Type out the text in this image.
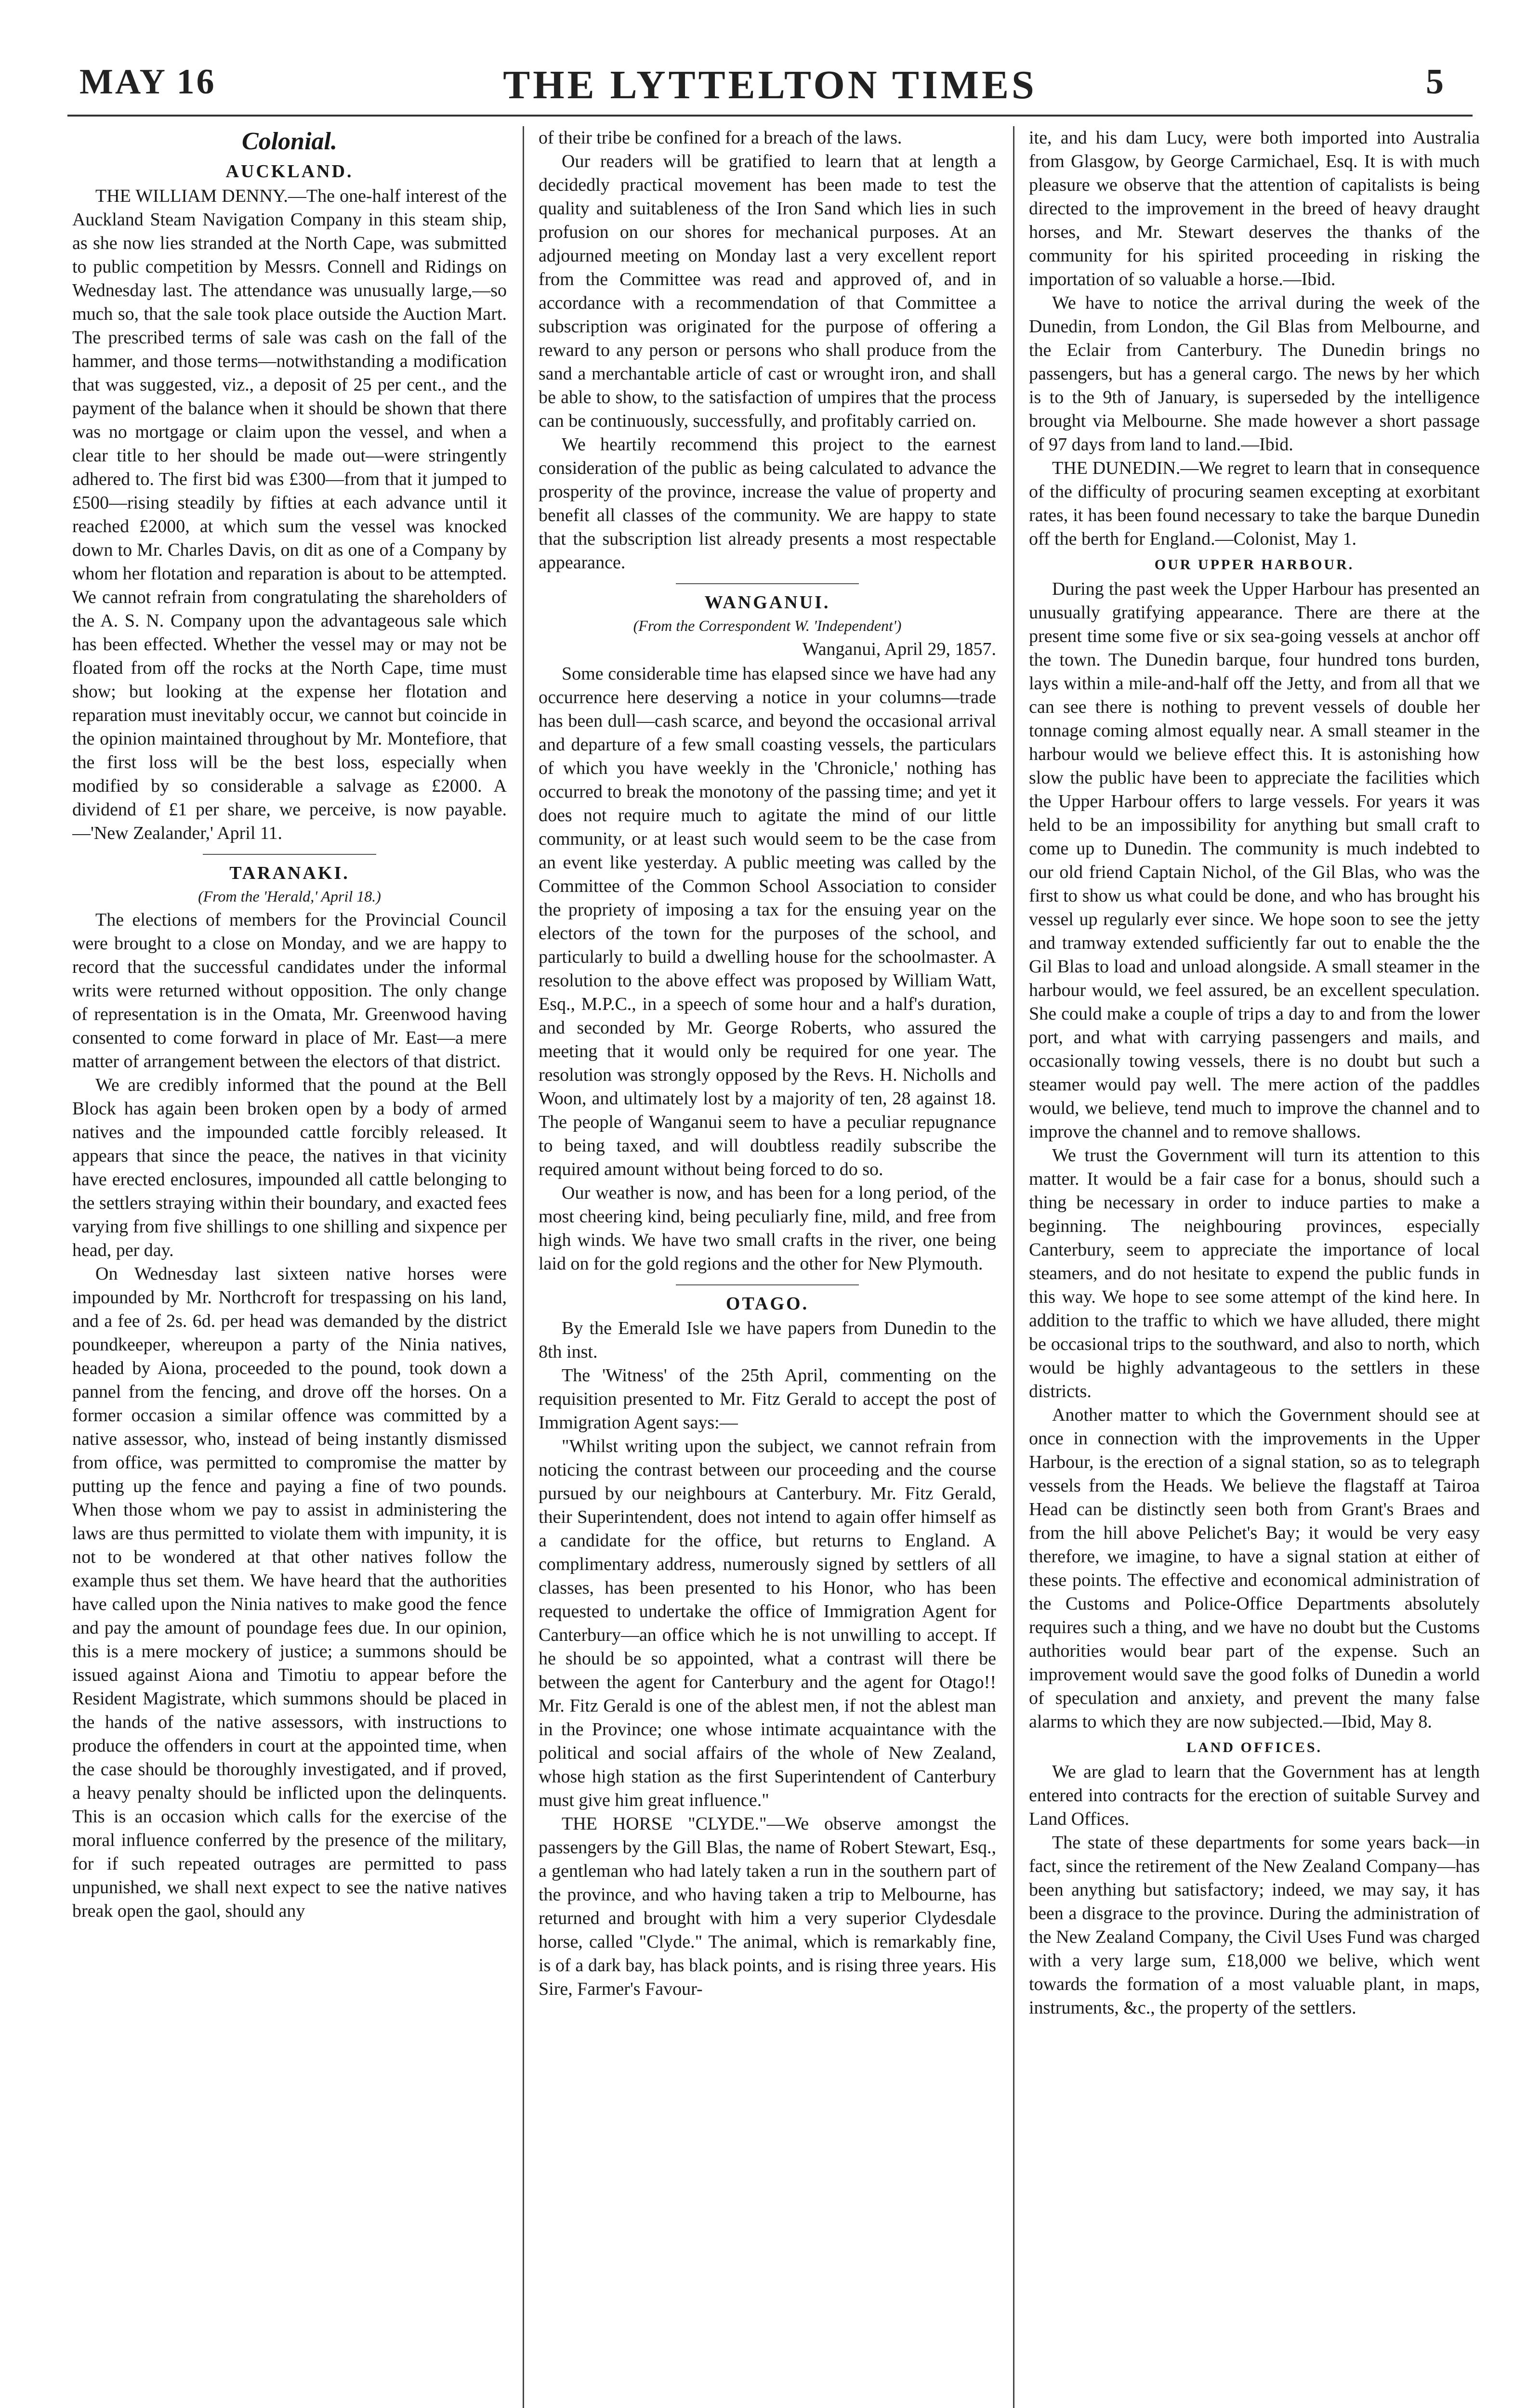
MAY 16	THE LYTTELTON TIMES	5
Colonial.
AUCKLAND.

THE WILLIAM DENNY.—The one-half interest of the Auckland Steam Navigation Company in this steam ship, as she now lies stranded at the North Cape, was submitted to public competition by Messrs. Connell and Ridings on Wednesday last. The attendance was unusually large,—so much so, that the sale took place outside the Auction Mart. The prescribed terms of sale was cash on the fall of the hammer, and those terms—notwithstanding a modification that was suggested, viz., a deposit of 25 per cent., and the payment of the balance when it should be shown that there was no mortgage or claim upon the vessel, and when a clear title to her should be made out—were stringently adhered to. The first bid was £300—from that it jumped to £500—rising steadily by fifties at each advance until it reached £2000, at which sum the vessel was knocked down to Mr. Charles Davis, on dit as one of a Company by whom her flotation and reparation is about to be attempted. We cannot refrain from congratulating the shareholders of the A. S. N. Company upon the advantageous sale which has been effected. Whether the vessel may or may not be floated from off the rocks at the North Cape, time must show; but looking at the expense her flotation and reparation must inevitably occur, we cannot but coincide in the opinion maintained throughout by Mr. Montefiore, that the first loss will be the best loss, especially when modified by so considerable a salvage as £2000. A dividend of £1 per share, we perceive, is now payable.—'New Zealander,' April 11.

TARANAKI.
(From the 'Herald,' April 18.)

The elections of members for the Provincial Council were brought to a close on Monday, and we are happy to record that the successful candidates under the informal writs were returned without opposition. The only change of representation is in the Omata, Mr. Greenwood having consented to come forward in place of Mr. East—a mere matter of arrangement between the electors of that district.

We are credibly informed that the pound at the Bell Block has again been broken open by a body of armed natives and the impounded cattle forcibly released. It appears that since the peace, the natives in that vicinity have erected enclosures, impounded all cattle belonging to the settlers straying within their boundary, and exacted fees varying from five shillings to one shilling and sixpence per head, per day.

On Wednesday last sixteen native horses were impounded by Mr. Northcroft for trespassing on his land, and a fee of 2s. 6d. per head was demanded by the district poundkeeper, whereupon a party of the Ninia natives, headed by Aiona, proceeded to the pound, took down a pannel from the fencing, and drove off the horses. On a former occasion a similar offence was committed by a native assessor, who, instead of being instantly dismissed from office, was permitted to compromise the matter by putting up the fence and paying a fine of two pounds. When those whom we pay to assist in administering the laws are thus permitted to violate them with impunity, it is not to be wondered at that other natives follow the example thus set them. We have heard that the authorities have called upon the Ninia natives to make good the fence and pay the amount of poundage fees due. In our opinion, this is a mere mockery of justice; a summons should be issued against Aiona and Timotiu to appear before the Resident Magistrate, which summons should be placed in the hands of the native assessors, with instructions to produce the offenders in court at the appointed time, when the case should be thoroughly investigated, and if proved, a heavy penalty should be inflicted upon the delinquents. This is an occasion which calls for the exercise of the moral influence conferred by the presence of the military, for if such repeated outrages are permitted to pass unpunished, we shall next expect to see the native natives break open the gaol, should any

of their tribe be confined for a breach of the laws.

Our readers will be gratified to learn that at length a decidedly practical movement has been made to test the quality and suitableness of the Iron Sand which lies in such profusion on our shores for mechanical purposes. At an adjourned meeting on Monday last a very excellent report from the Committee was read and approved of, and in accordance with a recommendation of that Committee a subscription was originated for the purpose of offering a reward to any person or persons who shall produce from the sand a merchantable article of cast or wrought iron, and shall be able to show, to the satisfaction of umpires that the process can be continuously, successfully, and profitably carried on.

We heartily recommend this project to the earnest consideration of the public as being calculated to advance the prosperity of the province, increase the value of property and benefit all classes of the community. We are happy to state that the subscription list already presents a most respectable appearance.

WANGANUI.
(From the Correspondent W. 'Independent')
Wanganui, April 29, 1857.

Some considerable time has elapsed since we have had any occurrence here deserving a notice in your columns—trade has been dull—cash scarce, and beyond the occasional arrival and departure of a few small coasting vessels, the particulars of which you have weekly in the 'Chronicle,' nothing has occurred to break the monotony of the passing time; and yet it does not require much to agitate the mind of our little community, or at least such would seem to be the case from an event like yesterday. A public meeting was called by the Committee of the Common School Association to consider the propriety of imposing a tax for the ensuing year on the electors of the town for the purposes of the school, and particularly to build a dwelling house for the schoolmaster. A resolution to the above effect was proposed by William Watt, Esq., M.P.C., in a speech of some hour and a half's duration, and seconded by Mr. George Roberts, who assured the meeting that it would only be required for one year. The resolution was strongly opposed by the Revs. H. Nicholls and Woon, and ultimately lost by a majority of ten, 28 against 18. The people of Wanganui seem to have a peculiar repugnance to being taxed, and will doubtless readily subscribe the required amount without being forced to do so.

Our weather is now, and has been for a long period, of the most cheering kind, being peculiarly fine, mild, and free from high winds. We have two small crafts in the river, one being laid on for the gold regions and the other for New Plymouth.

OTAGO.

By the Emerald Isle we have papers from Dunedin to the 8th inst.

The 'Witness' of the 25th April, commenting on the requisition presented to Mr. Fitz Gerald to accept the post of Immigration Agent says:—

"Whilst writing upon the subject, we cannot refrain from noticing the contrast between our proceeding and the course pursued by our neighbours at Canterbury. Mr. Fitz Gerald, their Superintendent, does not intend to again offer himself as a candidate for the office, but returns to England. A complimentary address, numerously signed by settlers of all classes, has been presented to his Honor, who has been requested to undertake the office of Immigration Agent for Canterbury—an office which he is not unwilling to accept. If he should be so appointed, what a contrast will there be between the agent for Canterbury and the agent for Otago!! Mr. Fitz Gerald is one of the ablest men, if not the ablest man in the Province; one whose intimate acquaintance with the political and social affairs of the whole of New Zealand, whose high station as the first Superintendent of Canterbury must give him great influence."

THE HORSE "CLYDE."—We observe amongst the passengers by the Gill Blas, the name of Robert Stewart, Esq., a gentleman who had lately taken a run in the southern part of the province, and who having taken a trip to Melbourne, has returned and brought with him a very superior Clydesdale horse, called "Clyde." The animal, which is remarkably fine, is of a dark bay, has black points, and is rising three years. His Sire, Farmer's Favour-

ite, and his dam Lucy, were both imported into Australia from Glasgow, by George Carmichael, Esq. It is with much pleasure we observe that the attention of capitalists is being directed to the improvement in the breed of heavy draught horses, and Mr. Stewart deserves the thanks of the community for his spirited proceeding in risking the importation of so valuable a horse.—Ibid.

We have to notice the arrival during the week of the Dunedin, from London, the Gil Blas from Melbourne, and the Eclair from Canterbury. The Dunedin brings no passengers, but has a general cargo. The news by her which is to the 9th of January, is superseded by the intelligence brought via Melbourne. She made however a short passage of 97 days from land to land.—Ibid.

THE DUNEDIN.—We regret to learn that in consequence of the difficulty of procuring seamen excepting at exorbitant rates, it has been found necessary to take the barque Dunedin off the berth for England.—Colonist, May 1.

OUR UPPER HARBOUR.

During the past week the Upper Harbour has presented an unusually gratifying appearance. There are there at the present time some five or six sea-going vessels at anchor off the town. The Dunedin barque, four hundred tons burden, lays within a mile-and-half off the Jetty, and from all that we can see there is nothing to prevent vessels of double her tonnage coming almost equally near. A small steamer in the harbour would we believe effect this. It is astonishing how slow the public have been to appreciate the facilities which the Upper Harbour offers to large vessels. For years it was held to be an impossibility for anything but small craft to come up to Dunedin. The community is much indebted to our old friend Captain Nichol, of the Gil Blas, who was the first to show us what could be done, and who has brought his vessel up regularly ever since. We hope soon to see the jetty and tramway extended sufficiently far out to enable the the Gil Blas to load and unload alongside. A small steamer in the harbour would, we feel assured, be an excellent speculation. She could make a couple of trips a day to and from the lower port, and what with carrying passengers and mails, and occasionally towing vessels, there is no doubt but such a steamer would pay well. The mere action of the paddles would, we believe, tend much to improve the channel and to improve the channel and to remove shallows.

We trust the Government will turn its attention to this matter. It would be a fair case for a bonus, should such a thing be necessary in order to induce parties to make a beginning. The neighbouring provinces, especially Canterbury, seem to appreciate the importance of local steamers, and do not hesitate to expend the public funds in this way. We hope to see some attempt of the kind here. In addition to the traffic to which we have alluded, there might be occasional trips to the southward, and also to north, which would be highly advantageous to the settlers in these districts.

Another matter to which the Government should see at once in connection with the improvements in the Upper Harbour, is the erection of a signal station, so as to telegraph vessels from the Heads. We believe the flagstaff at Tairoa Head can be distinctly seen both from Grant's Braes and from the hill above Pelichet's Bay; it would be very easy therefore, we imagine, to have a signal station at either of these points. The effective and economical administration of the Customs and Police-Office Departments absolutely requires such a thing, and we have no doubt but the Customs authorities would bear part of the expense. Such an improvement would save the good folks of Dunedin a world of speculation and anxiety, and prevent the many false alarms to which they are now subjected.—Ibid, May 8.

LAND OFFICES.

We are glad to learn that the Government has at length entered into contracts for the erection of suitable Survey and Land Offices.

The state of these departments for some years back—in fact, since the retirement of the New Zealand Company—has been anything but satisfactory; indeed, we may say, it has been a disgrace to the province. During the administration of the New Zealand Company, the Civil Uses Fund was charged with a very large sum, £18,000 we belive, which went towards the formation of a most valuable plant, in maps, instruments, &c., the property of the settlers.
